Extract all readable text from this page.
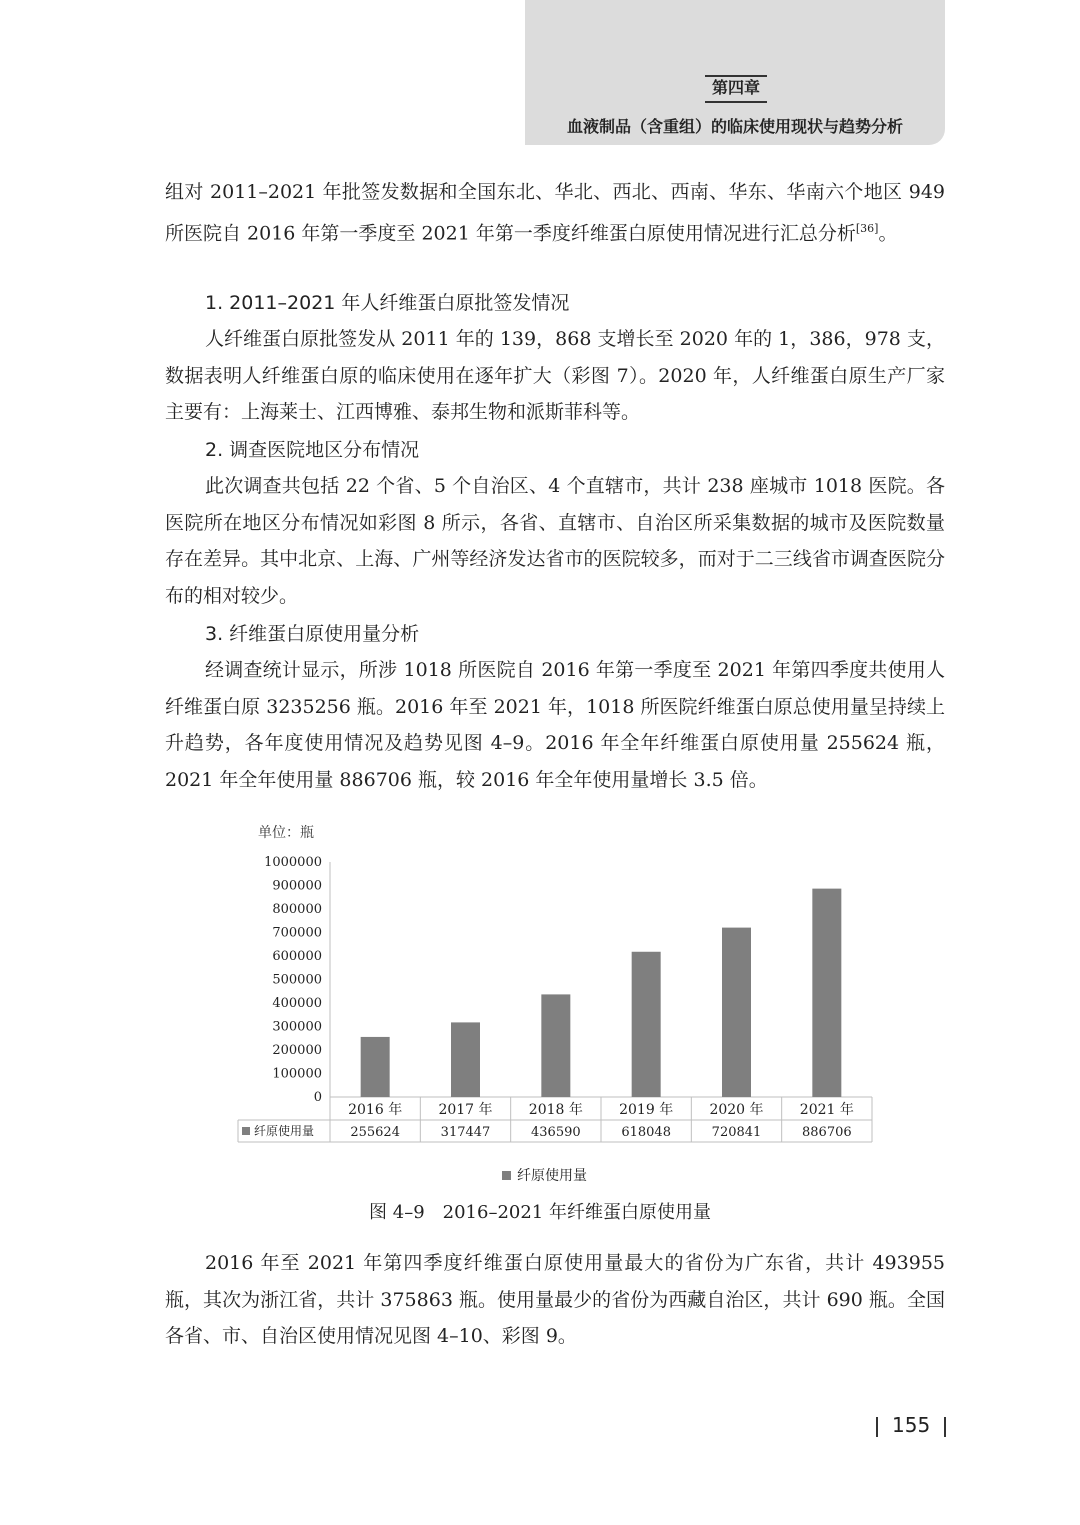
第四章
血液制品（含重组）的临床使用现状与趋势分析

组对 2011–2021 年批签发数据和全国东北、华北、西北、西南、华东、华南六个地区 949 所医院自 2016 年第一季度至 2021 年第一季度纤维蛋白原使用情况进行汇总分析[36]。

1. 2011–2021 年人纤维蛋白原批签发情况

人纤维蛋白原批签发从 2011 年的 139，868 支增长至 2020 年的 1，386，978 支，数据表明人纤维蛋白原的临床使用在逐年扩大（彩图 7）。2020 年，人纤维蛋白原生产厂家主要有：上海莱士、江西博雅、泰邦生物和派斯菲科等。

2. 调查医院地区分布情况

此次调查共包括 22 个省、5 个自治区、4 个直辖市，共计 238 座城市 1018 医院。各医院所在地区分布情况如彩图 8 所示，各省、直辖市、自治区所采集数据的城市及医院数量存在差异。其中北京、上海、广州等经济发达省市的医院较多，而对于二三线省市调查医院分布的相对较少。

3. 纤维蛋白原使用量分析

经调查统计显示，所涉 1018 所医院自 2016 年第一季度至 2021 年第四季度共使用人纤维蛋白原 3235256 瓶。2016 年至 2021 年，1018 所医院纤维蛋白原总使用量呈持续上升趋势，各年度使用情况及趋势见图 4–9。2016 年全年纤维蛋白原使用量 255624 瓶，2021 年全年使用量 886706 瓶，较 2016 年全年使用量增长 3.5 倍。

单位：瓶
0
100000
200000
300000
400000
500000
600000
700000
800000
900000
1000000
2016 年	2017 年	2018 年	2019 年	2020 年	2021 年
纤原使用量	255624	317447	436590	618048	720841	886706
纤原使用量
图 4–9　2016–2021 年纤维蛋白原使用量

2016 年至 2021 年第四季度纤维蛋白原使用量最大的省份为广东省，共计 493955 瓶，其次为浙江省，共计 375863 瓶。使用量最少的省份为西藏自治区，共计 690 瓶。全国各省、市、自治区使用情况见图 4–10、彩图 9。

155
